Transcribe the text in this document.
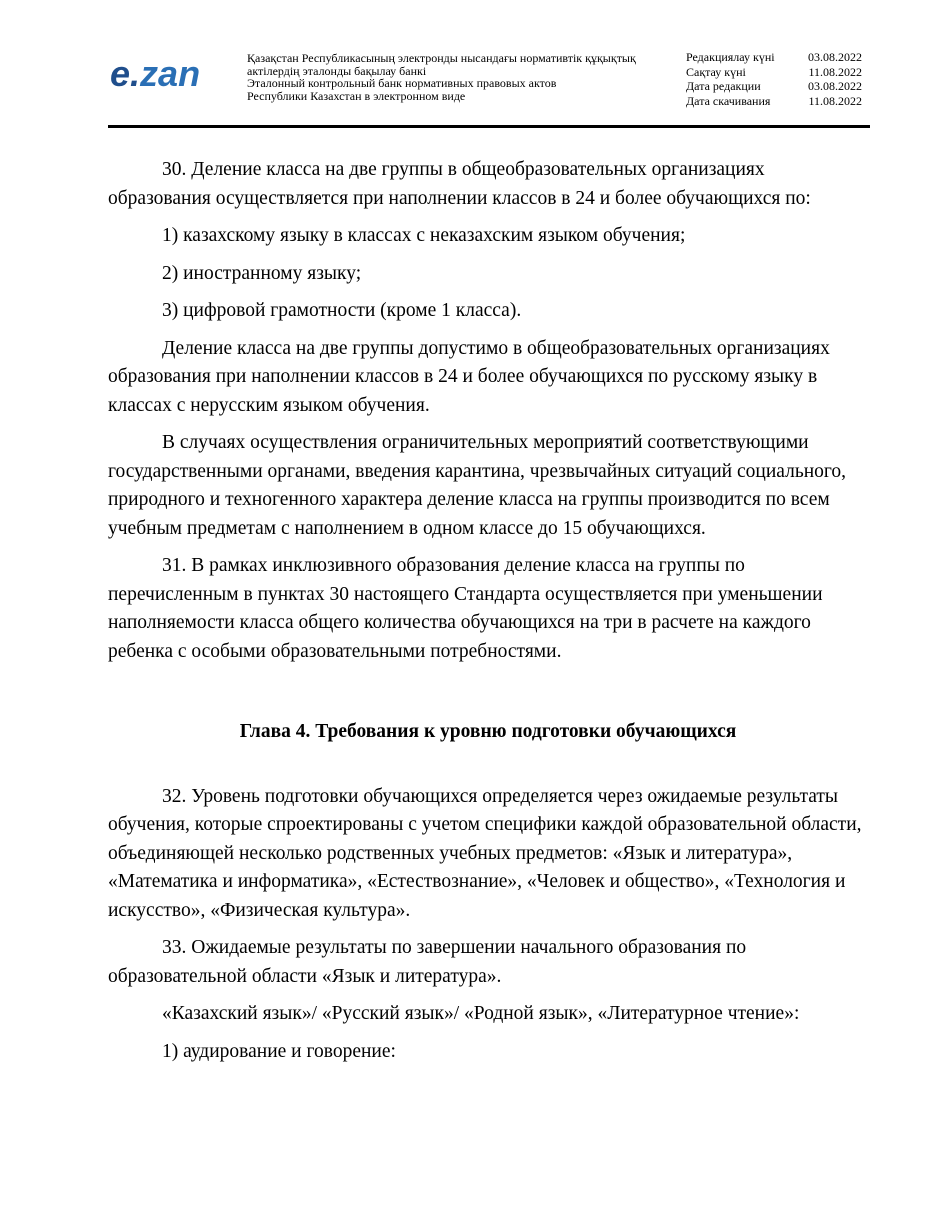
e.zan	Қазақстан Республикасының электронды нысандағы нормативтік құқықтық
актілердің эталонды бақылау банкі
Эталонный контрольный банк нормативных правовых актов
Республики Казахстан в электронном виде
Редакциялау күні	03.08.2022
Сақтау күні	11.08.2022
Дата редакции	03.08.2022
Дата скачивания	11.08.2022

30. Деление класса на две группы в общеобразовательных организациях образования осуществляется при наполнении классов в 24 и более обучающихся по:

1) казахскому языку в классах с неказахским языком обучения;

2) иностранному языку;

3) цифровой грамотности (кроме 1 класса).

Деление класса на две группы допустимо в общеобразовательных организациях образования при наполнении классов в 24 и более обучающихся по русскому языку в классах с нерусским языком обучения.

В случаях осуществления ограничительных мероприятий соответствующими государственными органами, введения карантина, чрезвычайных ситуаций социального, природного и техногенного характера деление класса на группы производится по всем учебным предметам с наполнением в одном классе до 15 обучающихся.

31. В рамках инклюзивного образования деление класса на группы по перечисленным в пунктах 30 настоящего Стандарта осуществляется при уменьшении наполняемости класса общего количества обучающихся на три в расчете на каждого ребенка с особыми образовательными потребностями.

Глава 4. Требования к уровню подготовки обучающихся

32. Уровень подготовки обучающихся определяется через ожидаемые результаты обучения, которые спроектированы с учетом специфики каждой образовательной области, объединяющей несколько родственных учебных предметов: «Язык и литература», «Математика и информатика», «Естествознание», «Человек и общество», «Технология и искусство», «Физическая культура».

33. Ожидаемые результаты по завершении начального образования по образовательной области «Язык и литература».

«Казахский язык»/ «Русский язык»/ «Родной язык», «Литературное чтение»:

1) аудирование и говорение:
